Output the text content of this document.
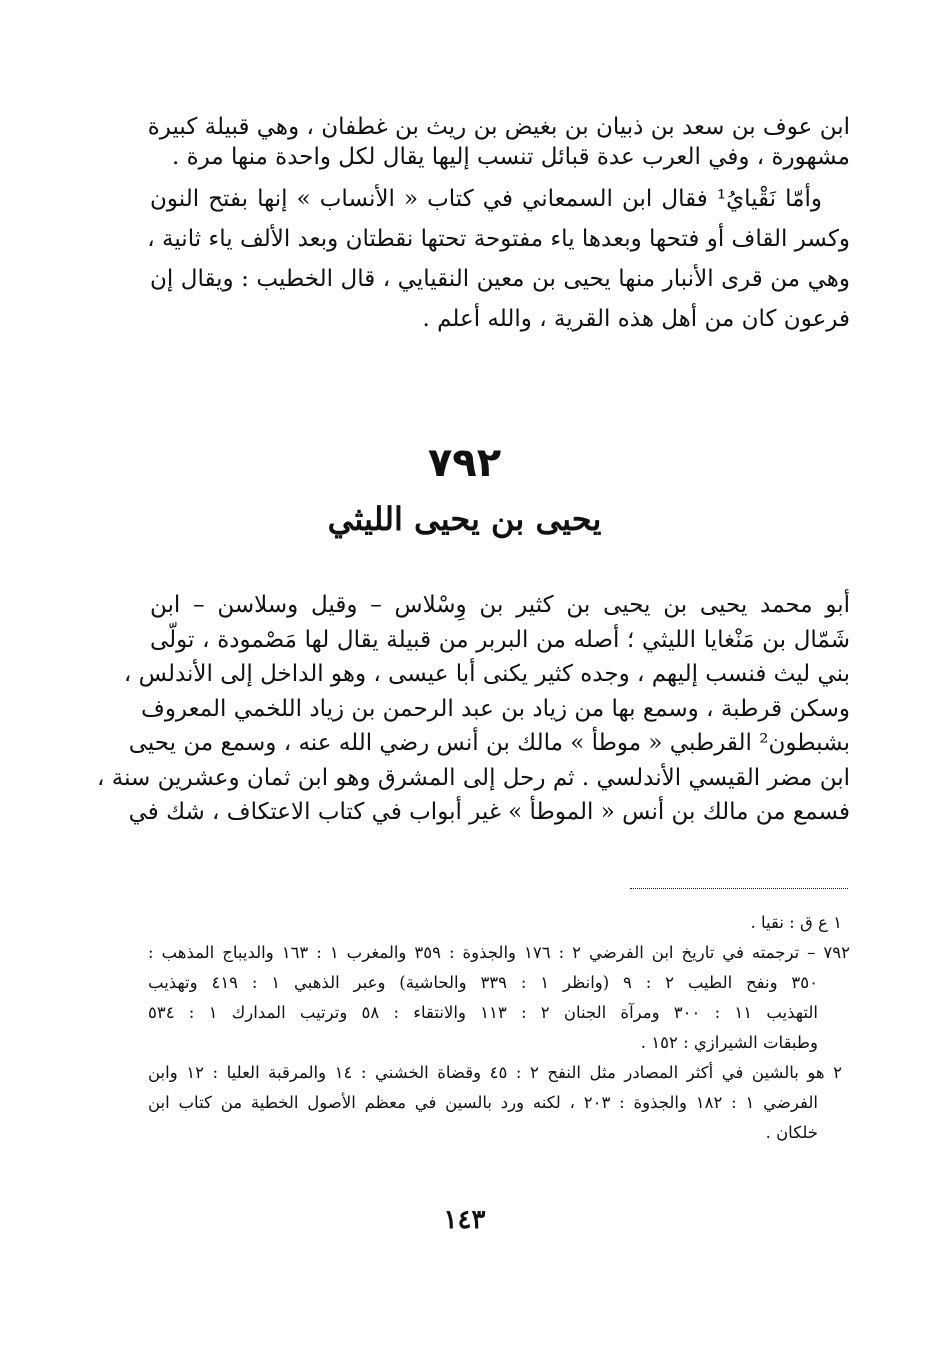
ابن عوف بن سعد بن ذبيان بن بغيض بن ريث بن غطفان ، وهي قبيلة كبيرة
مشهورة ، وفي العرب عدة قبائل تنسب إليها يقال لكل واحدة منها مرة .

وأمّا نَقْيايُ¹ فقال ابن السمعاني في كتاب « الأنساب » إنها بفتح النون
وكسر القاف أو فتحها وبعدها ياء مفتوحة تحتها نقطتان وبعد الألف ياء ثانية ،
وهي من قرى الأنبار منها يحيى بن معين النقيايي ، قال الخطيب : ويقال إن
فرعون كان من أهل هذه القرية ، والله أعلم .

٧٩٢
يحيى بن يحيى الليثي
أبو محمد يحيى بن يحيى بن كثير بن وِسْلاس – وقيل وسلاسن – ابن
شَمّال بن مَنْغايا الليثي ؛ أصله من البربر من قبيلة يقال لها مَصْمودة ، تولّى
بني ليث فنسب إليهم ، وجده كثير يكنى أبا عيسى ، وهو الداخل إلى الأندلس ،
وسكن قرطبة ، وسمع بها من زياد بن عبد الرحمن بن زياد اللخمي المعروف
بشبطون² القرطبي « موطأ » مالك بن أنس رضي الله عنه ، وسمع من يحيى
ابن مضر القيسي الأندلسي . ثم رحل إلى المشرق وهو ابن ثمان وعشرين سنة ،
فسمع من مالك بن أنس « الموطأ » غير أبواب في كتاب الاعتكاف ، شك في
١ ع ق : نقيا .
٧٩٢ – ترجمته في تاريخ ابن الفرضي ٢ : ١٧٦ والجذوة : ٣٥٩ والمغرب ١ : ١٦٣ والديباج المذهب :
٣٥٠ ونفح الطيب ٢ : ٩ (وانظر ١ : ٣٣٩ والحاشية) وعبر الذهبي ١ : ٤١٩ وتهذيب
التهذيب ١١ : ٣٠٠ ومرآة الجنان ٢ : ١١٣ والانتقاء : ٥٨ وترتيب المدارك ١ : ٥٣٤
وطبقات الشيرازي : ١٥٢ .
٢ هو بالشين في أكثر المصادر مثل النفح ٢ : ٤٥ وقضاة الخشني : ١٤ والمرقبة العليا : ١٢ وابن
الفرضي ١ : ١٨٢ والجذوة : ٢٠٣ ، لكنه ورد بالسين في معظم الأصول الخطية من كتاب ابن
خلكان .
١٤٣
